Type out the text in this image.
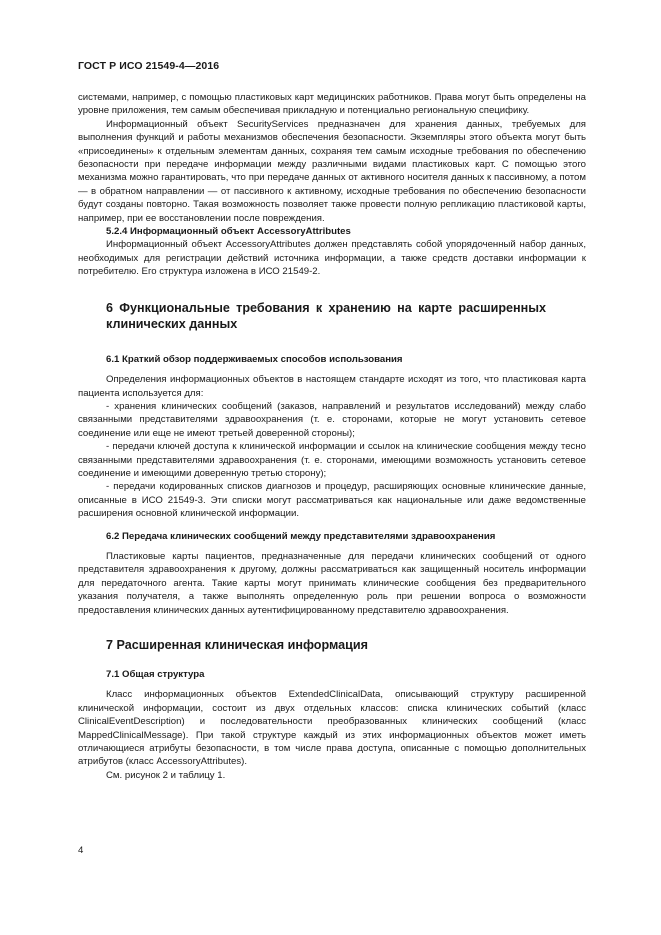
ГОСТ Р ИСО 21549-4—2016

системами, например, с помощью пластиковых карт медицинских работников. Права могут быть определены на уровне приложения, тем самым обеспечивая прикладную и потенциально региональную специфику.

Информационный объект SecurityServices предназначен для хранения данных, требуемых для выполнения функций и работы механизмов обеспечения безопасности. Экземпляры этого объекта могут быть «присоединены» к отдельным элементам данных, сохраняя тем самым исходные требования по обеспечению безопасности при передаче информации между различными видами пластиковых карт. С помощью этого механизма можно гарантировать, что при передаче данных от активного носителя данных к пассивному, а потом — в обратном направлении — от пассивного к активному, исходные требования по обеспечению безопасности будут созданы повторно. Такая возможность позволяет также провести полную репликацию пластиковой карты, например, при ее восстановлении после повреждения.

5.2.4 Информационный объект AccessoryAttributes

Информационный объект AccessoryAttributes должен представлять собой упорядоченный набор данных, необходимых для регистрации действий источника информации, а также средств доставки информации к потребителю. Его структура изложена в ИСО 21549-2.

6 Функциональные требования к хранению на карте расширенных клинических данных

6.1 Краткий обзор поддерживаемых способов использования

Определения информационных объектов в настоящем стандарте исходят из того, что пластиковая карта пациента используется для:

- хранения клинических сообщений (заказов, направлений и результатов исследований) между слабо связанными представителями здравоохранения (т. е. сторонами, которые не могут установить сетевое соединение или еще не имеют третьей доверенной стороны);

- передачи ключей доступа к клинической информации и ссылок на клинические сообщения между тесно связанными представителями здравоохранения (т. е. сторонами, имеющими возможность установить сетевое соединение и имеющими доверенную третью сторону);

- передачи кодированных списков диагнозов и процедур, расширяющих основные клинические данные, описанные в ИСО 21549-3. Эти списки могут рассматриваться как национальные или даже ведомственные расширения основной клинической информации.

6.2 Передача клинических сообщений между представителями здравоохранения

Пластиковые карты пациентов, предназначенные для передачи клинических сообщений от одного представителя здравоохранения к другому, должны рассматриваться как защищенный носитель информации для передаточного агента. Такие карты могут принимать клинические сообщения без предварительного указания получателя, а также выполнять определенную роль при решении вопроса о возможности предоставления клинических данных аутентифицированному представителю здравоохранения.

7 Расширенная клиническая информация

7.1 Общая структура

Класс информационных объектов ExtendedClinicalData, описывающий структуру расширенной клинической информации, состоит из двух отдельных классов: списка клинических событий (класс ClinicalEventDescription) и последовательности преобразованных клинических сообщений (класс MappedClinicalMessage). При такой структуре каждый из этих информационных объектов может иметь отличающиеся атрибуты безопасности, в том числе права доступа, описанные с помощью дополнительных атрибутов (класс AccessoryAttributes).

См. рисунок 2 и таблицу 1.

4
